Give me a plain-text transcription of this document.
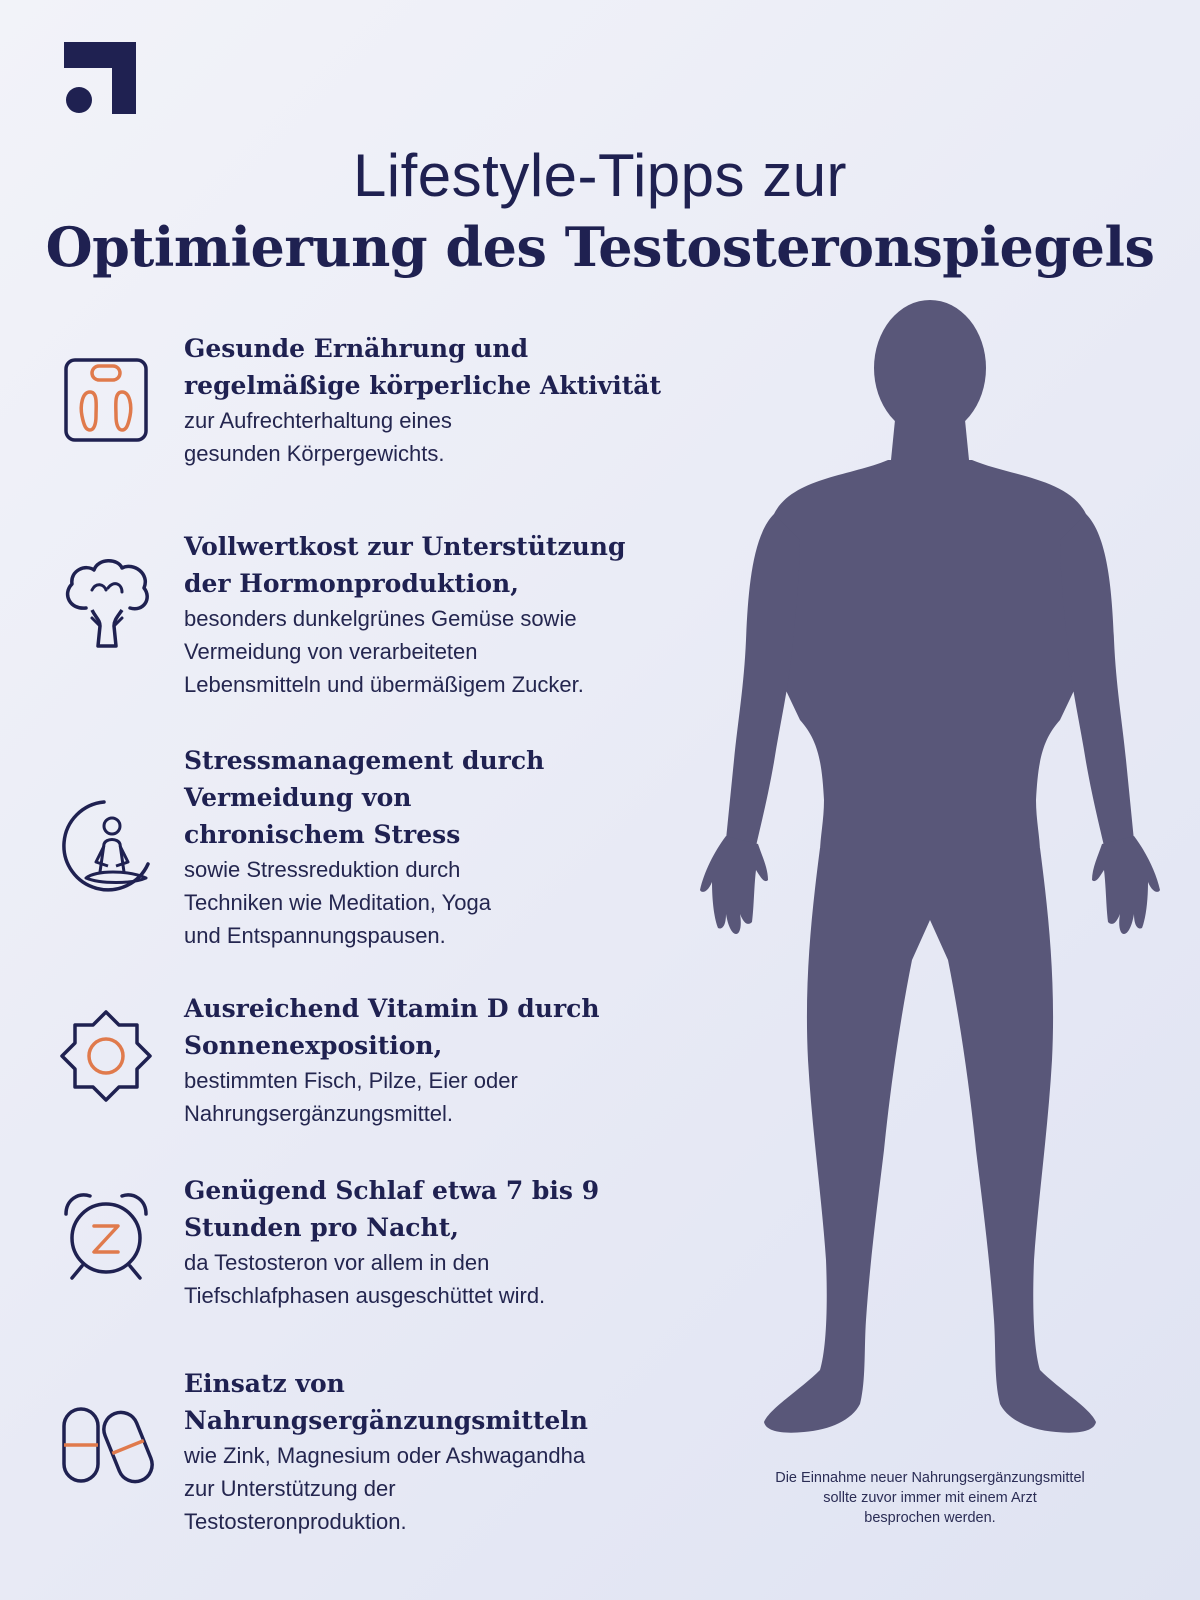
Lifestyle-Tipps zur
Optimierung des Testosteronspiegels
Gesunde Ernährung und
regelmäßige körperliche Aktivität
zur Aufrechterhaltung eines
gesunden Körpergewichts.
Vollwertkost zur Unterstützung
der Hormonproduktion,
besonders dunkelgrünes Gemüse sowie
Vermeidung von verarbeiteten
Lebensmitteln und übermäßigem Zucker.
Stressmanagement durch
Vermeidung von
chronischem Stress
sowie Stressreduktion durch
Techniken wie Meditation, Yoga
und Entspannungspausen.
Ausreichend Vitamin D durch
Sonnenexposition,
bestimmten Fisch, Pilze, Eier oder
Nahrungsergänzungsmittel.
Genügend Schlaf etwa 7 bis 9
Stunden pro Nacht,
da Testosteron vor allem in den
Tiefschlafphasen ausgeschüttet wird.
Einsatz von
Nahrungsergänzungsmitteln
wie Zink, Magnesium oder Ashwagandha
zur Unterstützung der
Testosteronproduktion.
Die Einnahme neuer Nahrungsergänzungsmittel
sollte zuvor immer mit einem Arzt
besprochen werden.
